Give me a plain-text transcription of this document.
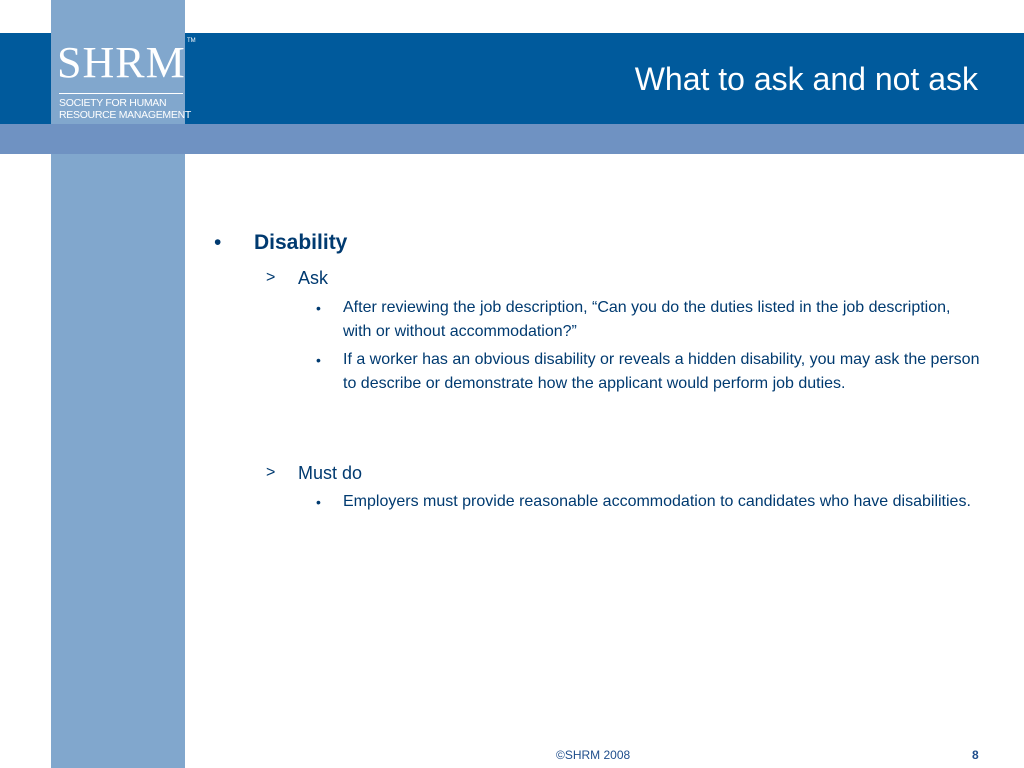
SHRM TM
SOCIETY FOR HUMAN
RESOURCE MANAGEMENT
What to ask and not ask
• Disability
> Ask
• After reviewing the job description, “Can you do the duties listed in the job description, with or without accommodation?”
• If a worker has an obvious disability or reveals a hidden disability, you may ask the person to describe or demonstrate how the applicant would perform job duties.
> Must do
• Employers must provide reasonable accommodation to candidates who have disabilities.
©SHRM 2008	8
